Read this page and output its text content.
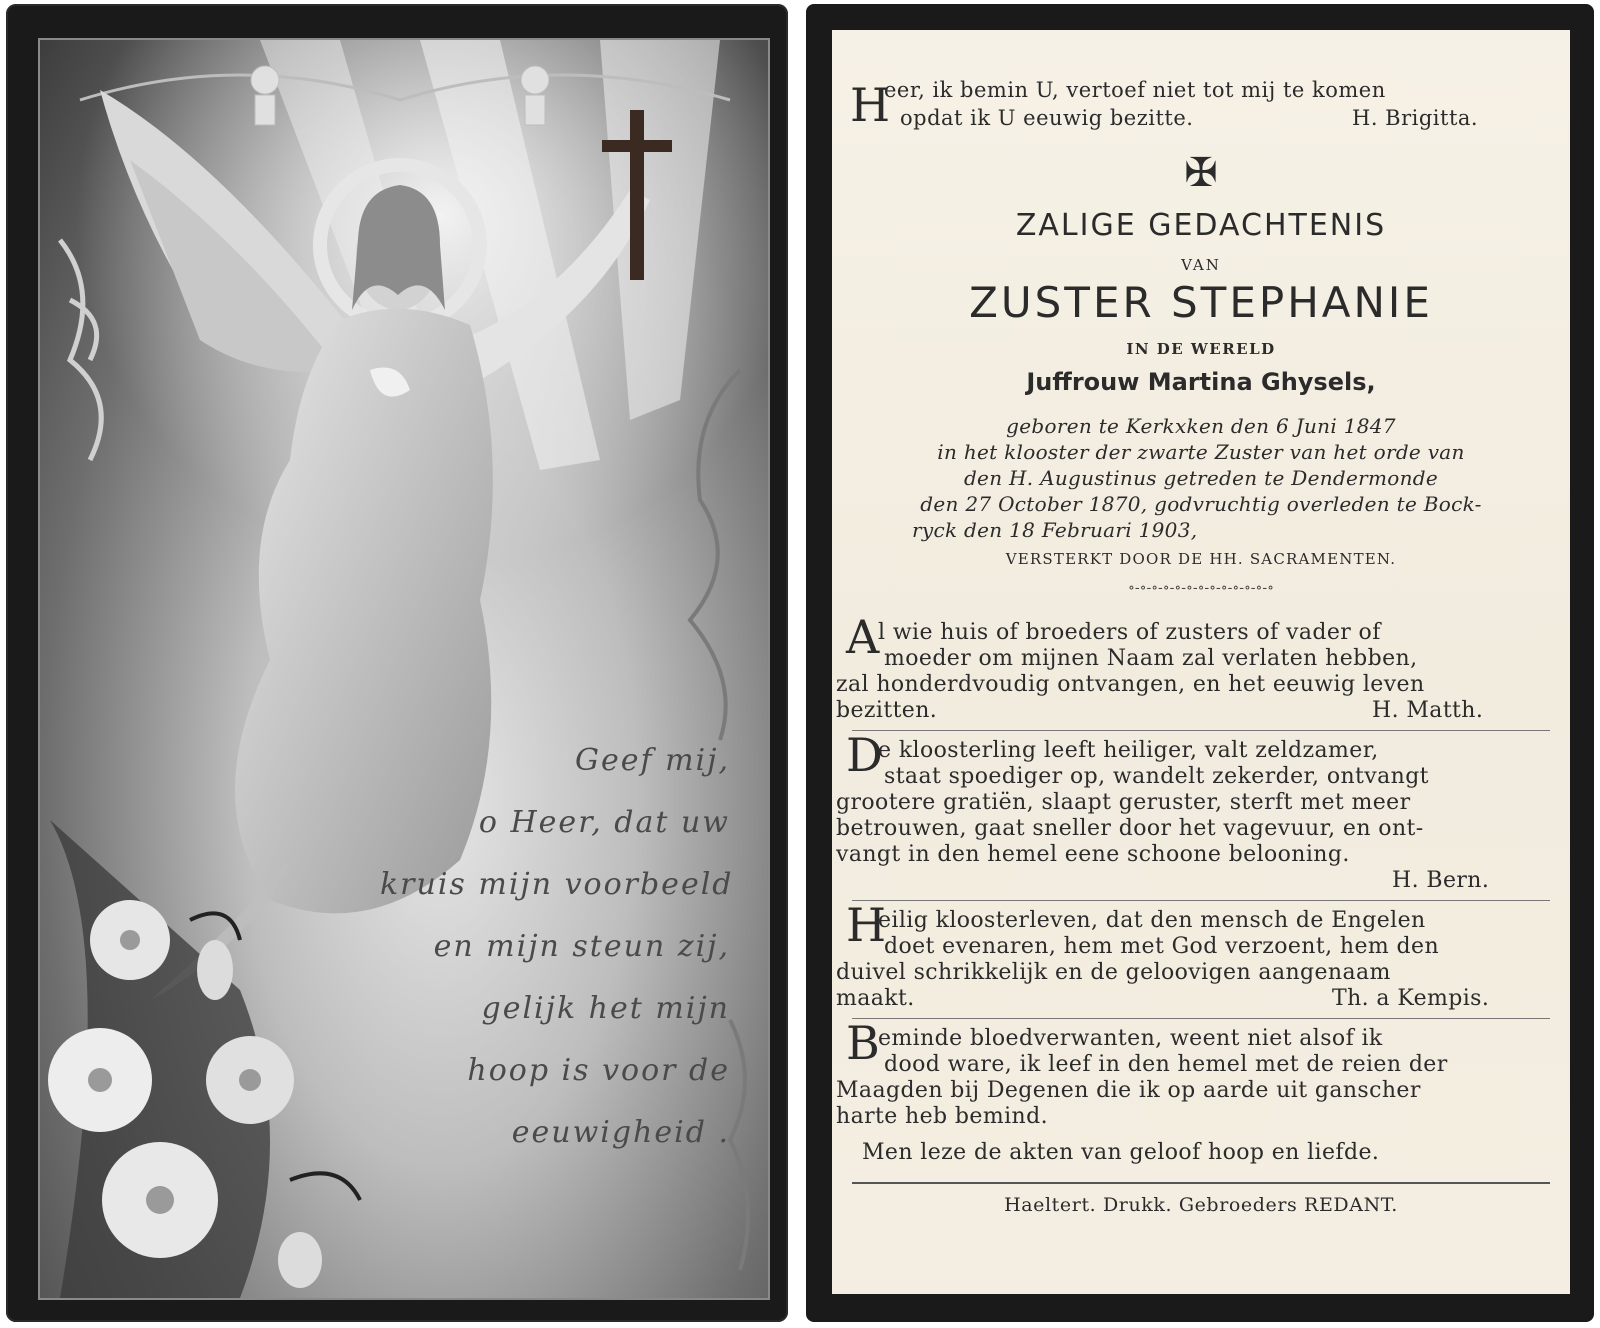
Geef mij,
o Heer, dat uw
kruis mijn voorbeeld
en mijn steun zij,
gelijk het mijn
hoop is voor de
eeuwigheid .
H
eer, ik bemin U, vertoef niet tot mij te komen
opdat ik U eeuwig bezitte.	H. Brigitta.
✠
ZALIGE GEDACHTENIS
VAN
ZUSTER STEPHANIE
IN DE WERELD
Juffrouw Martina Ghysels,
geboren te Kerkxken den 6 Juni 1847
in het klooster der zwarte Zuster van het orde van
den H. Augustinus getreden te Dendermonde
den 27 October 1870, godvruchtig overleden te Bock-
ryck den 18 Februari 1903,
VERSTERKT DOOR DE HH. SACRAMENTEN.
∘-∘-∘-∘-∘-∘-∘-∘-∘-∘-∘-∘-∘
A
l wie huis of broeders of zusters of vader of
moeder om mijnen Naam zal verlaten hebben,
zal honderdvoudig ontvangen, en het eeuwig leven
bezitten.	H. Matth.
D
e kloosterling leeft heiliger, valt zeldzamer,
staat spoediger op, wandelt zekerder, ontvangt
grootere gratiën, slaapt geruster, sterft met meer
betrouwen, gaat sneller door het vagevuur, en ont-
vangt in den hemel eene schoone belooning.
H. Bern.
H
eilig kloosterleven, dat den mensch de Engelen
doet evenaren, hem met God verzoent, hem den
duivel schrikkelijk en de geloovigen aangenaam
maakt.	Th. a Kempis.
B
eminde bloedverwanten, weent niet alsof ik
dood ware, ik leef in den hemel met de reien der
Maagden bij Degenen die ik op aarde uit ganscher
harte heb bemind.
Men leze de akten van geloof hoop en liefde.
Haeltert. Drukk. Gebroeders REDANT.
